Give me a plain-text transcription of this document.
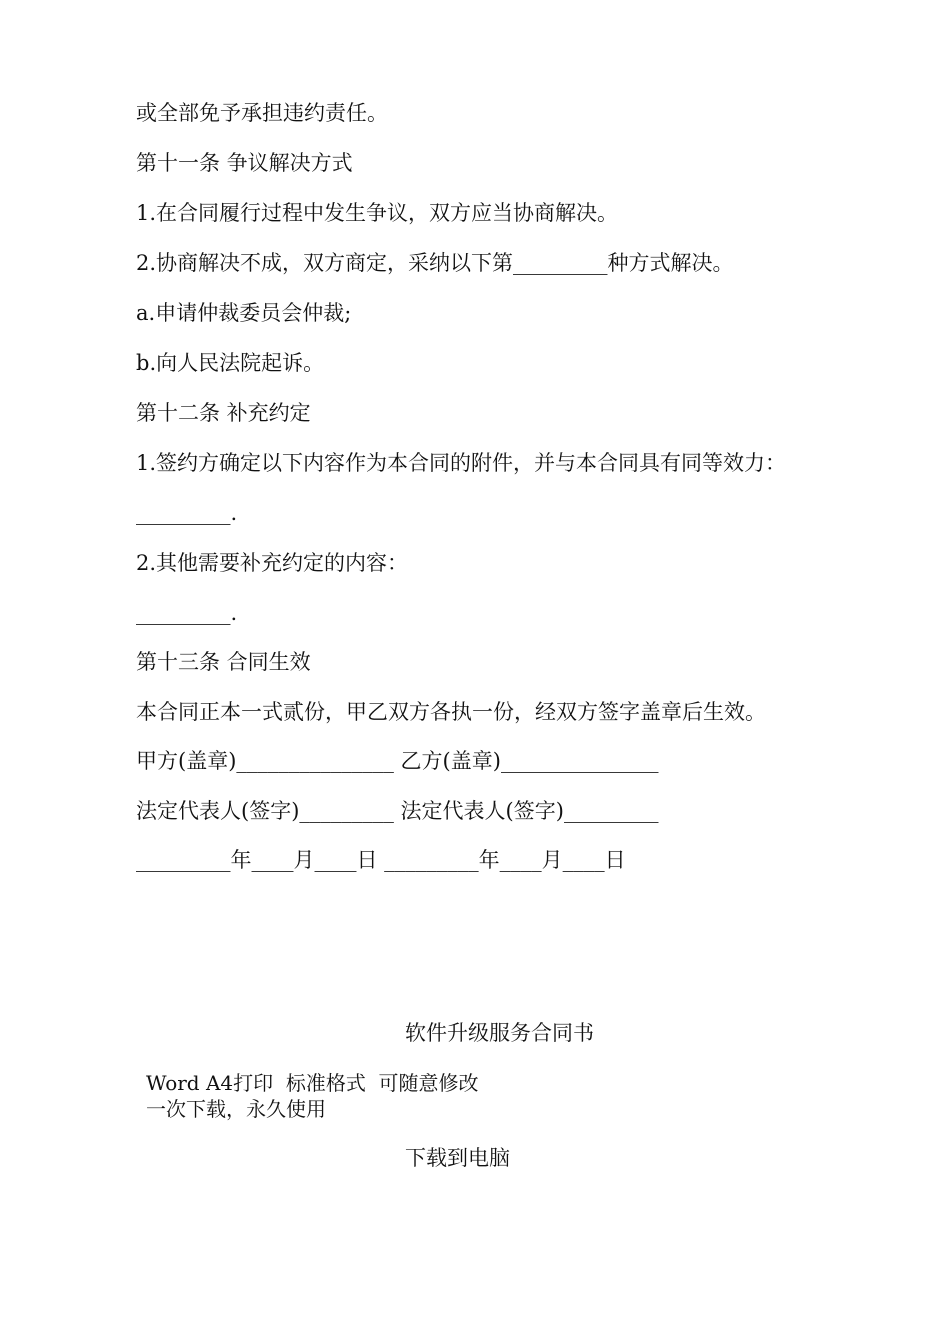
或全部免予承担违约责任。
第十一条 争议解决方式
1.在合同履行过程中发生争议，双方应当协商解决。
2.协商解决不成，双方商定，采纳以下第_________种方式解决。
a.申请仲裁委员会仲裁;
b.向人民法院起诉。
第十二条 补充约定
1.签约方确定以下内容作为本合同的附件，并与本合同具有同等效力：
_________.
2.其他需要补充约定的内容：
_________.
第十三条 合同生效
本合同正本一式贰份，甲乙双方各执一份，经双方签字盖章后生效。
甲方(盖章)_______________ 乙方(盖章)_______________
法定代表人(签字)_________ 法定代表人(签字)_________
_________年____月____日 _________年____月____日
软件升级服务合同书
Word A4打印  标准格式  可随意修改
一次下载，永久使用
下载到电脑
